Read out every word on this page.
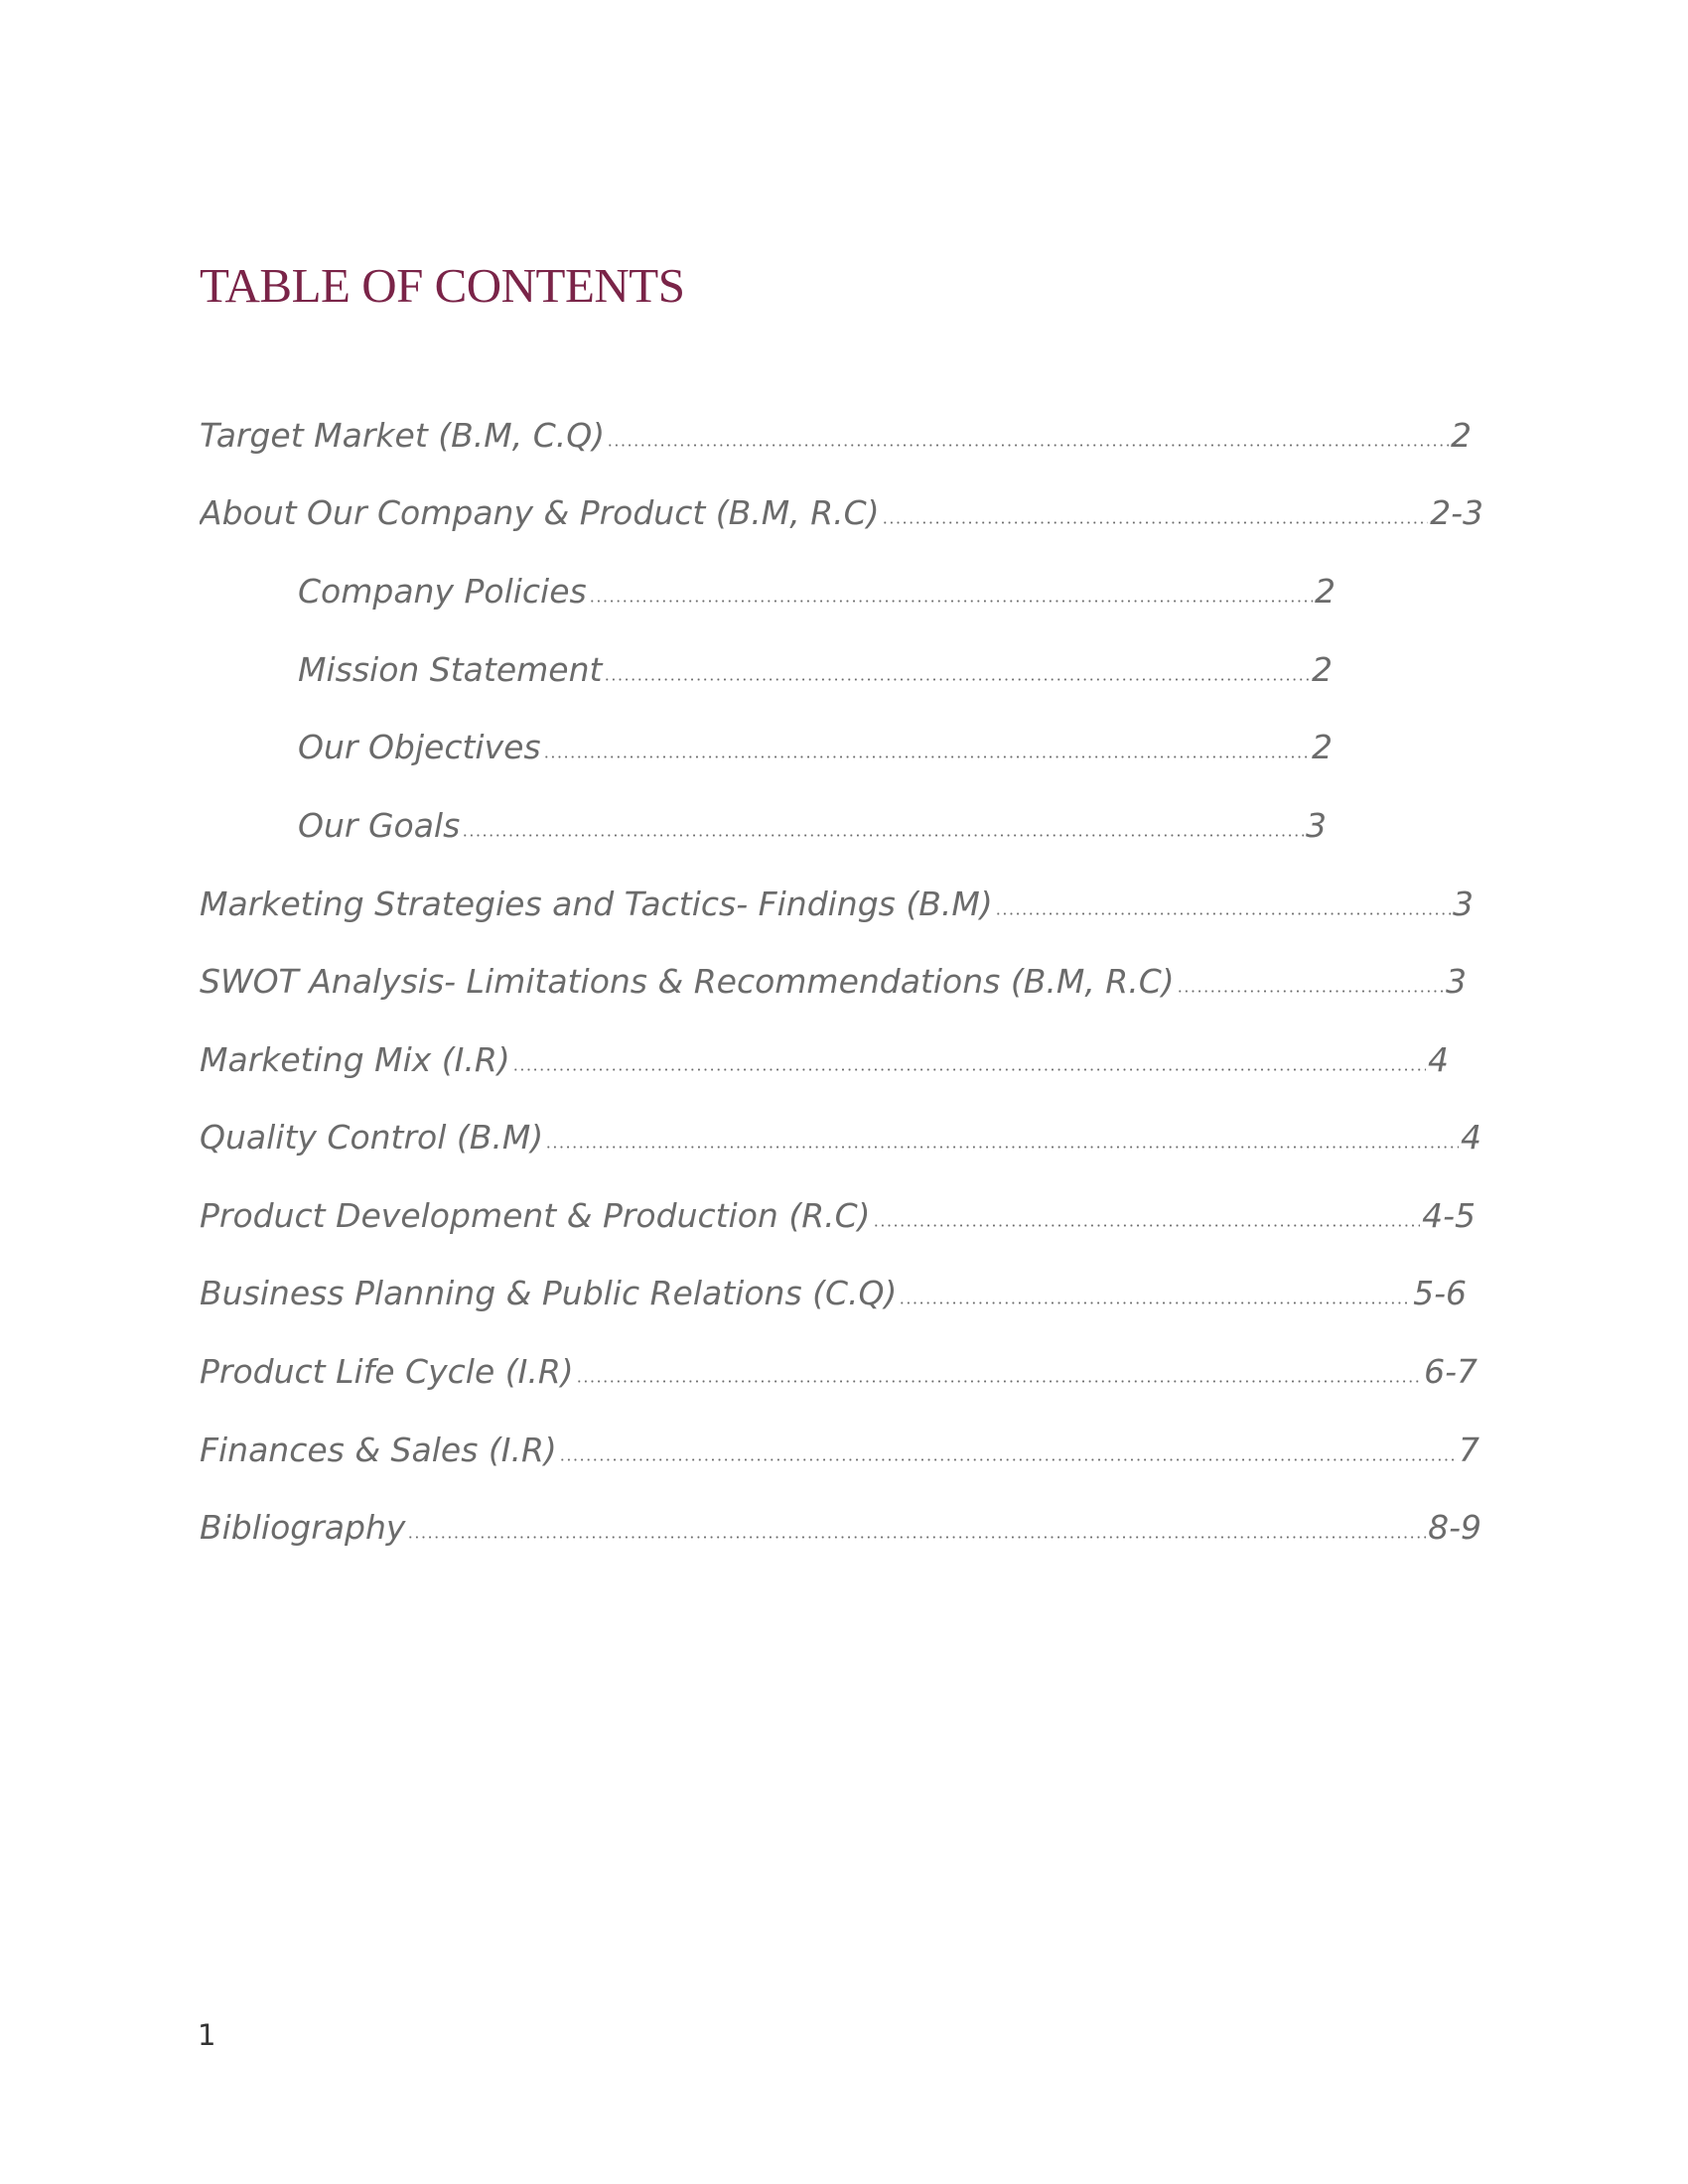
TABLE OF CONTENTS
Target Market (B.M, C.Q)	2
About Our Company & Product (B.M, R.C)	2-3
Company Policies	2
Mission Statement	2
Our Objectives	2
Our Goals	3
Marketing Strategies and Tactics- Findings (B.M)	3
SWOT Analysis- Limitations & Recommendations (B.M, R.C)	3
Marketing Mix (I.R)	4
Quality Control (B.M)	4
Product Development & Production (R.C)	4-5
Business Planning & Public Relations (C.Q)	5-6
Product Life Cycle (I.R)	6-7
Finances & Sales (I.R)	7
Bibliography	8-9
1
